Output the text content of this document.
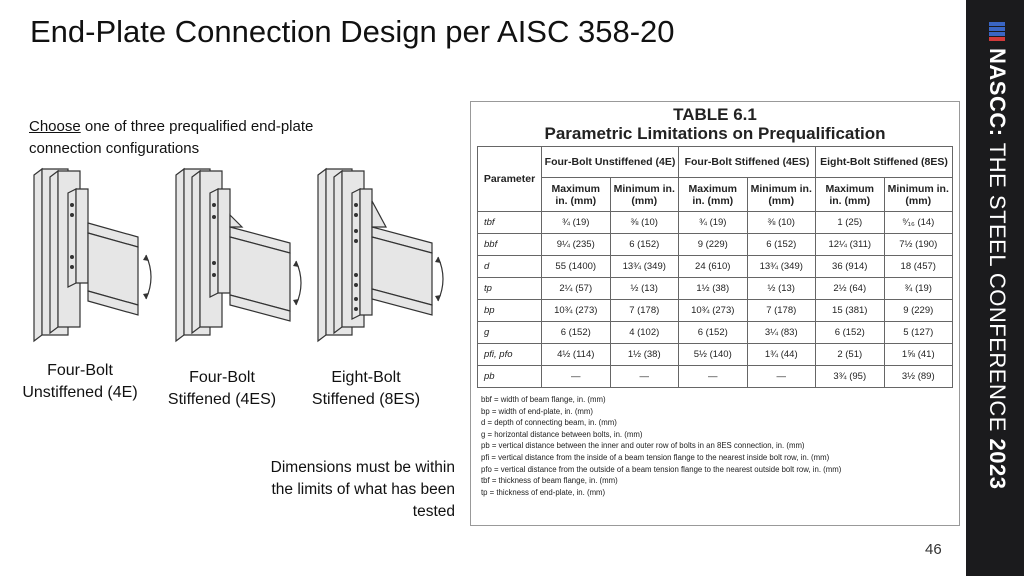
End-Plate Connection Design per AISC 358-20
Choose one of three prequalified end-plate connection configurations
Four-Bolt Unstiffened (4E)
Four-Bolt Stiffened (4ES)
Eight-Bolt Stiffened (8ES)
Dimensions must be within the limits of what has been tested
TABLE 6.1
Parametric Limitations on Prequalification
Parameter	Four-Bolt Unstiffened (4E)		Four-Bolt Stiffened (4ES)		Eight-Bolt Stiffened (8ES)	
	Maximum in. (mm)	Minimum in. (mm)	Maximum in. (mm)	Minimum in. (mm)	Maximum in. (mm)	Minimum in. (mm)
tbf	¾ (19)	⅜ (10)	¾ (19)	⅜ (10)	1 (25)	⁹⁄₁₆ (14)
bbf	9¼ (235)	6 (152)	9 (229)	6 (152)	12¼ (311)	7½ (190)
d	55 (1400)	13¾ (349)	24 (610)	13¾ (349)	36 (914)	18 (457)
tp	2¼ (57)	½ (13)	1½ (38)	½ (13)	2½ (64)	¾ (19)
bp	10¾ (273)	7 (178)	10¾ (273)	7 (178)	15 (381)	9 (229)
g	6 (152)	4 (102)	6 (152)	3¼ (83)	6 (152)	5 (127)
pfi, pfo	4½ (114)	1½ (38)	5½ (140)	1¾ (44)	2 (51)	1⅝ (41)
pb	—	—	—	—	3¾ (95)	3½ (89)
bbf = width of beam flange, in. (mm)
bp = width of end-plate, in. (mm)
d = depth of connecting beam, in. (mm)
g = horizontal distance between bolts, in. (mm)
pb = vertical distance between the inner and outer row of bolts in an 8ES connection, in. (mm)
pfi = vertical distance from the inside of a beam tension flange to the nearest inside bolt row, in. (mm)
pfo = vertical distance from the outside of a beam tension flange to the nearest outside bolt row, in. (mm)
tbf = thickness of beam flange, in. (mm)
tp = thickness of end-plate, in. (mm)
46
NASCC: THE STEEL CONFERENCE 2023
